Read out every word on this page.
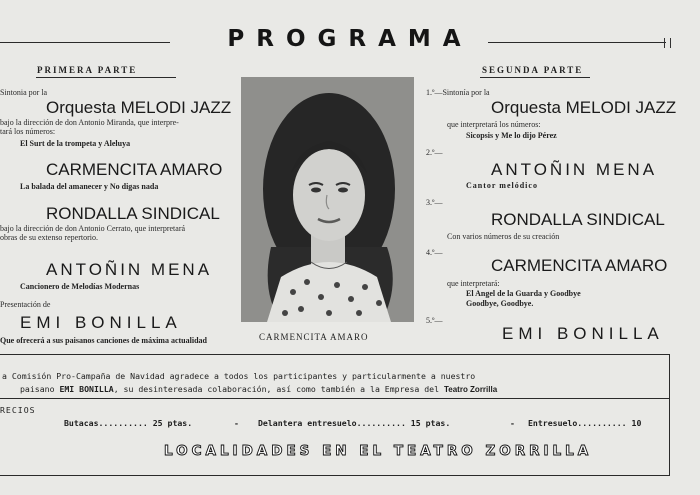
PROGRAMA
PRIMERA PARTE
Sintonia por la
Orquesta MELODI JAZZ
bajo la dirección de don Antonio Miranda, que interpre-
tará los números:
El Surt de la trompeta y Aleluya
CARMENCITA AMARO
La balada del amanecer y No digas nada
RONDALLA SINDICAL
bajo la dirección de don Antonio Cerrato, que interpretará
obras de su extenso repertorio.
ANTOÑIN MENA
Cancionero de Melodías Modernas
Presentación de
EMI BONILLA
Que ofrecerá a sus paisanos canciones de máxima actualidad	CARMENCITA AMARO
SEGUNDA PARTE
1.º—Sintonía por la
Orquesta MELODI JAZZ
que interpretará los números:
Sicopsis y Me lo dijo Pérez
2.º—
ANTOÑIN MENA
Cantor melódico
3.º—
RONDALLA SINDICAL
Con varios números de su creación
4.º—
CARMENCITA AMARO
que interpretará:
El Angel de la Guarda y Goodbye
Goodbye, Goodbye.
5.º—
EMI BONILLA
a Comisión Pro-Campaña de Navidad agradece a todos los participantes y particularmente a nuestro
paisano EMI BONILLA, su desinteresada colaboración, así como también a la Empresa del Teatro Zorrilla
RECIOS
Butacas.......... 25 ptas.	- Delantera entresuelo.......... 15 ptas.	- Entresuelo.......... 10
LOCALIDADES EN EL TEATRO ZORRILLA
